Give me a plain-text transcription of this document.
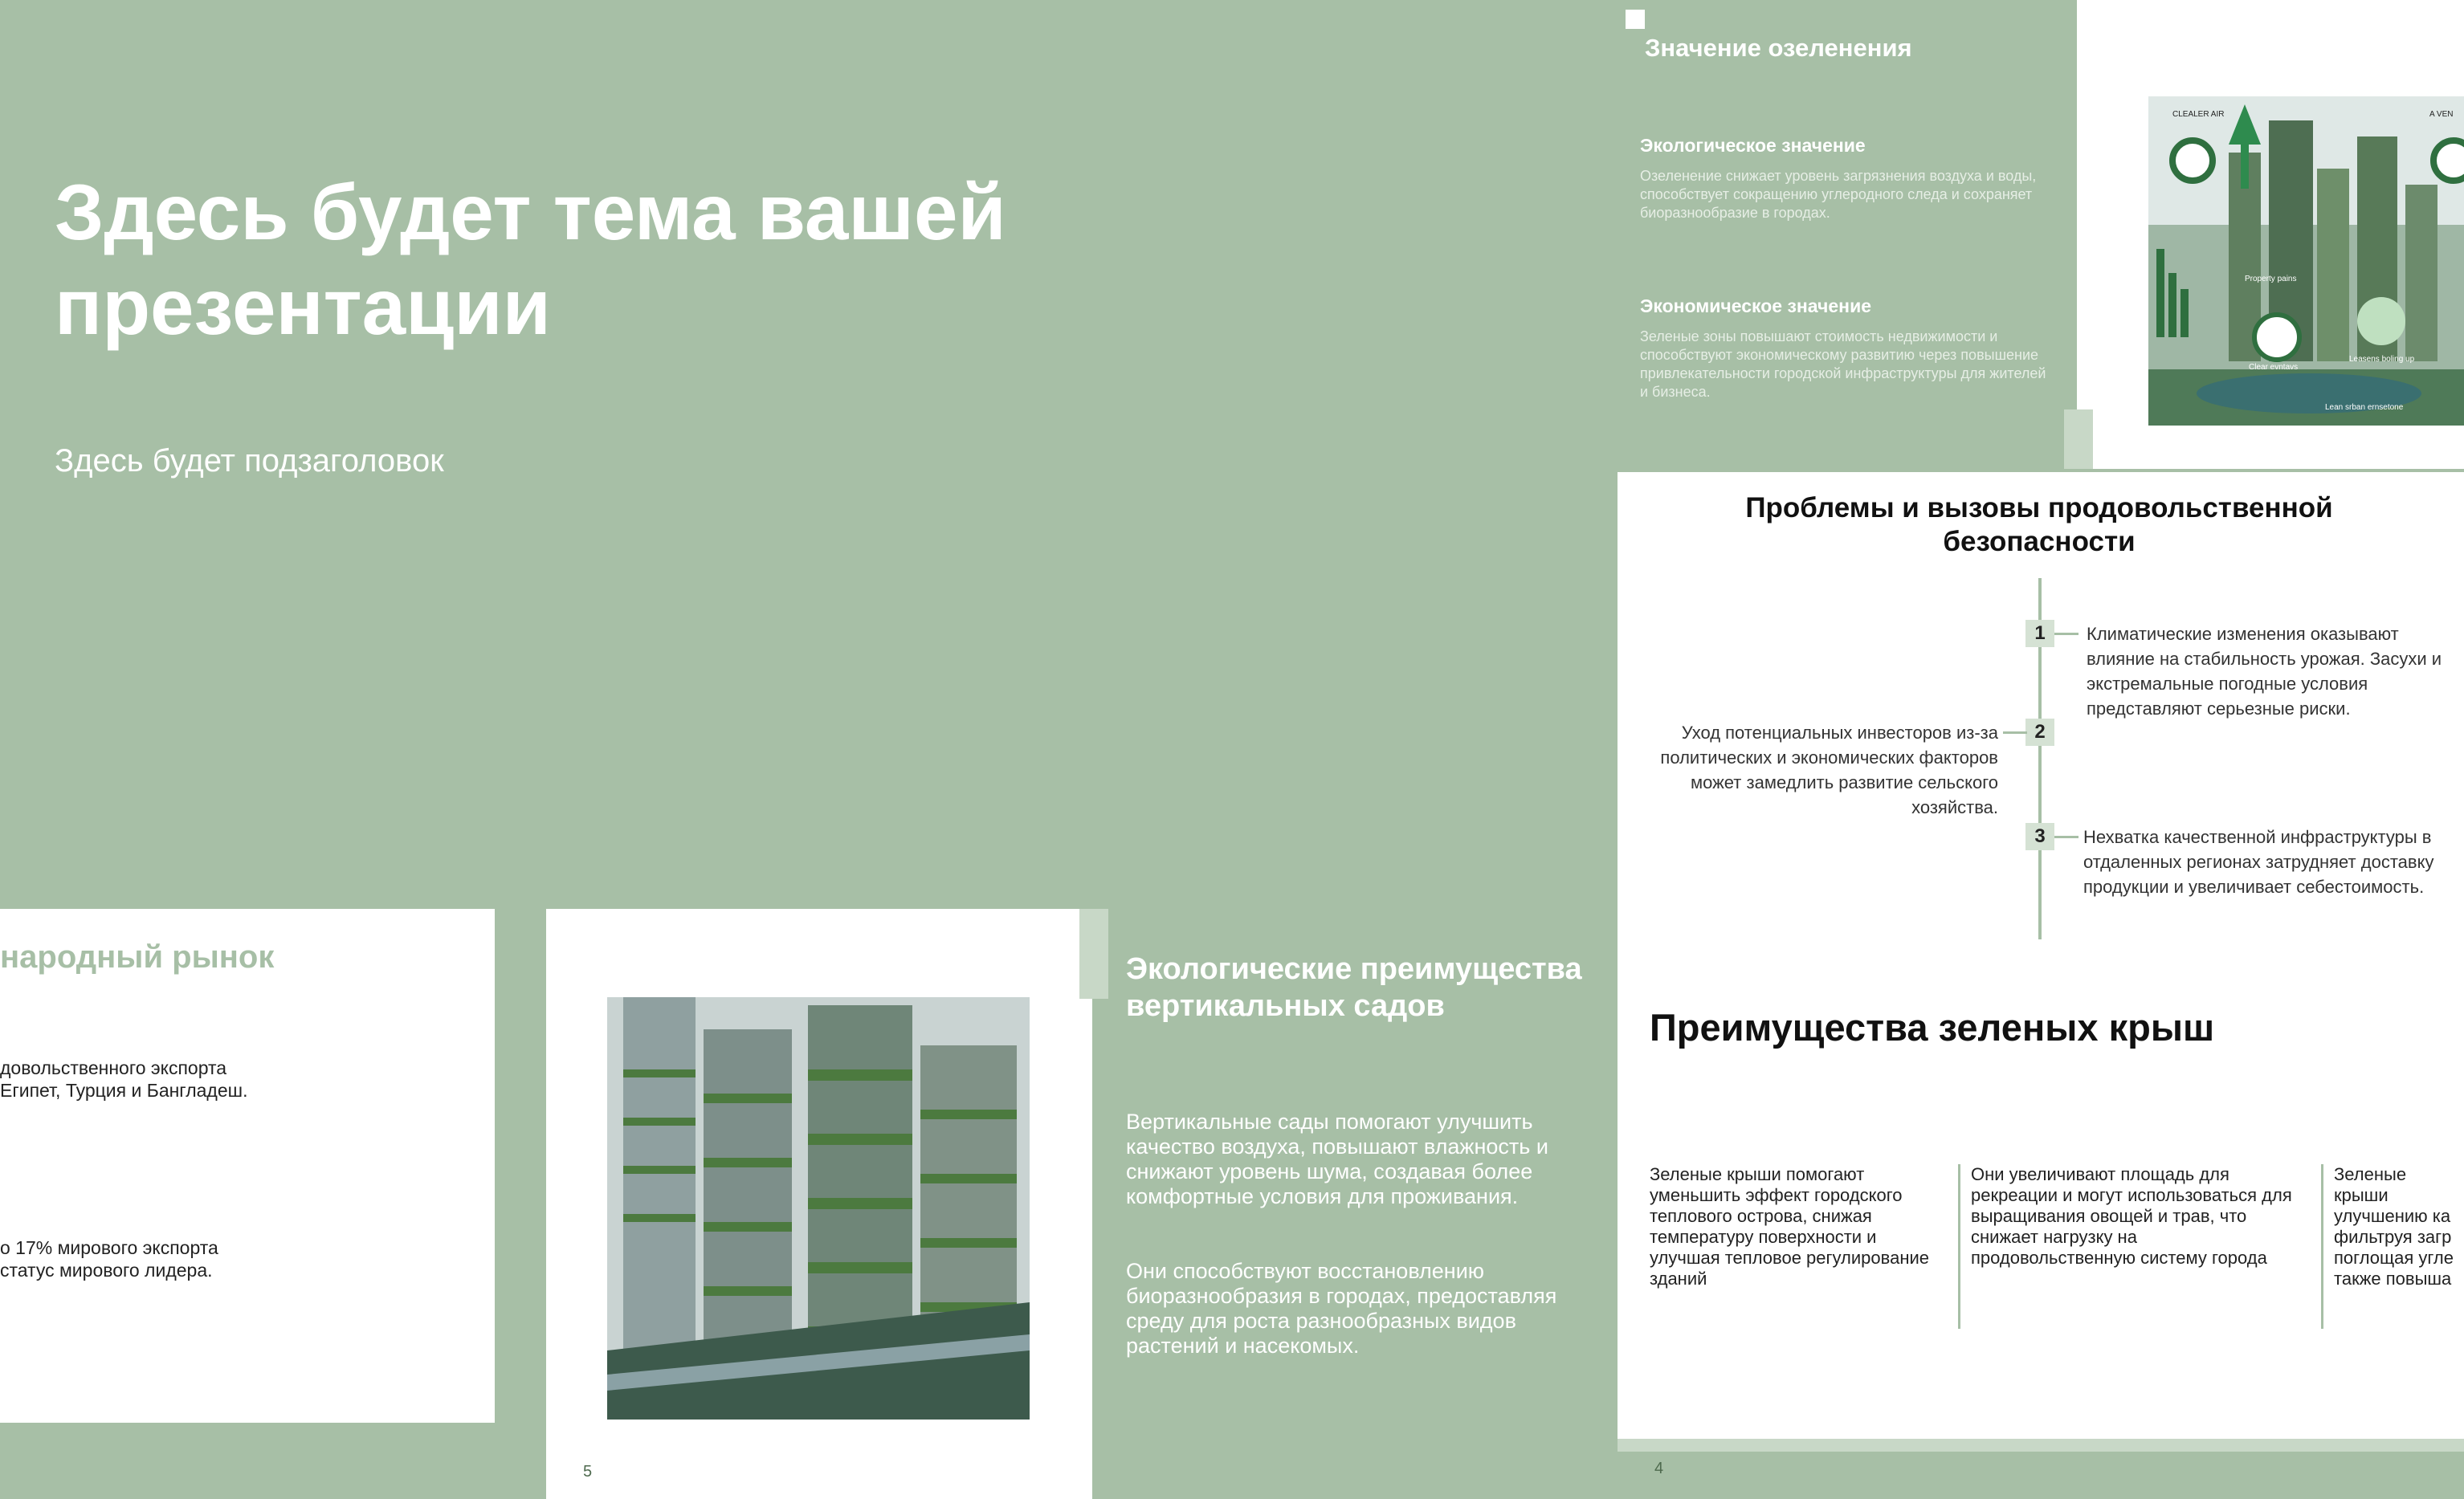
Здесь будет тема вашей презентации
Здесь будет подзаголовок
Значение озеленения
Экологическое значение
Озеленение снижает уровень загрязнения воздуха и воды, способствует сокращению углеродного следа и сохраняет биоразнообразие в городах.
Экономическое значение
Зеленые зоны повышают стоимость недвижимости и способствуют экономическому развитию через повышение привлекательности городской инфраструктуры для жителей и бизнеса.
CLEALER AIR	A VEN
Property pains
Clear evntavs
Leasens boling up
Lean srban ernsetone
Проблемы и вызовы продовольственной безопасности
1	Климатические изменения оказывают влияние на стабильность урожая. Засухи и экстремальные погодные условия представляют серьезные риски.
2
Уход потенциальных инвесторов из-за политических и экономических факторов может замедлить развитие сельского хозяйства.
3	Нехватка качественной инфраструктуры в отдаленных регионах затрудняет доставку продукции и увеличивает себестоимость.
Преимущества зеленых крыш
Зеленые крыши помогают уменьшить эффект городского теплового острова, снижая температуру поверхности и улучшая тепловое регулирование зданий
Они увеличивают площадь для рекреации и могут использоваться для выращивания овощей и трав, что снижает нагрузку на продовольственную систему города
Зеленые крыши улучшению ка фильтруя загр поглощая угле также повыша
4
народный рынок
довольственного экспорта
Египет, Турция и Бангладеш.
о 17% мирового экспорта
статус мирового лидера.
5
Экологические преимущества вертикальных садов
Вертикальные сады помогают улучшить качество воздуха, повышают влажность и снижают уровень шума, создавая более комфортные условия для проживания.
Они способствуют восстановлению биоразнообразия в городах, предоставляя среду для роста разнообразных видов растений и насекомых.
